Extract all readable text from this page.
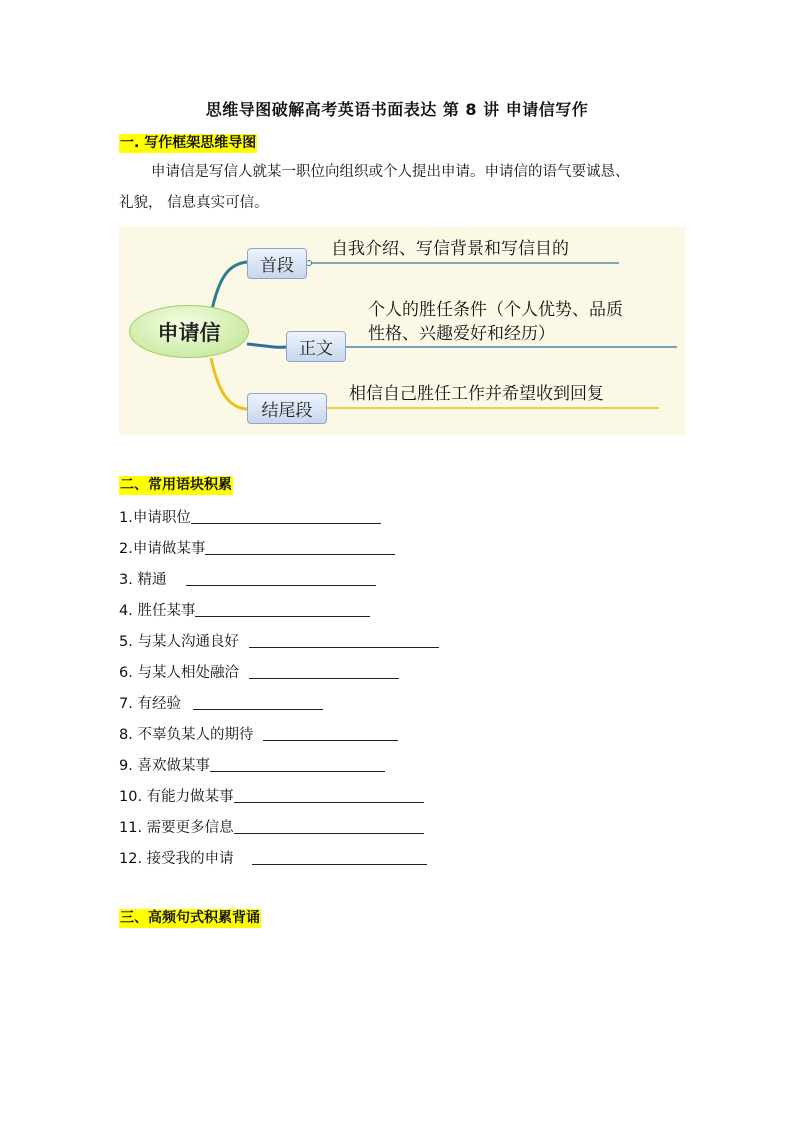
思维导图破解高考英语书面表达 第 8 讲 申请信写作
一. 写作框架思维导图
申请信是写信人就某一职位向组织或个人提出申请。申请信的语气要诚恳、
礼貌， 信息真实可信。
申请信
首段
正文
结尾段
自我介绍、写信背景和写信目的
个人的胜任条件（个人优势、品质
性格、兴趣爱好和经历）
相信自己胜任工作并希望收到回复
二、常用语块积累
1.申请职位
2.申请做某事
3. 精通
4. 胜任某事
5. 与某人沟通良好
6. 与某人相处融洽
7. 有经验
8. 不辜负某人的期待
9. 喜欢做某事
10. 有能力做某事
11. 需要更多信息
12. 接受我的申请
三、高频句式积累背诵
